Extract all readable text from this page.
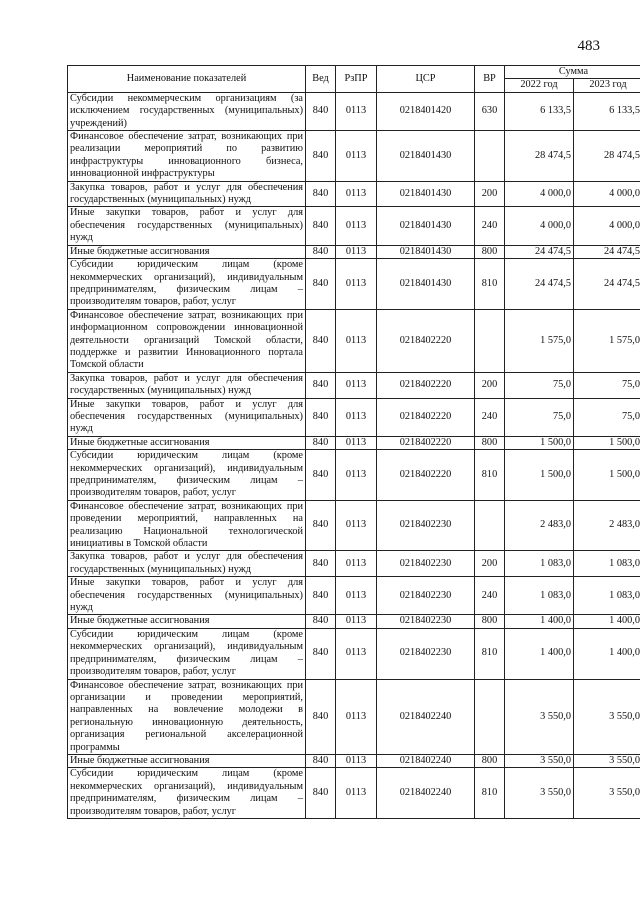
483
Наименование показателей	Вед	РзПР	ЦСР	ВР	Сумма	
					2022 год	2023 год
Субсидии некоммерческим организациям (за исключением государственных (муниципальных) учреждений)	840	0113	0218401420	630	6 133,5	6 133,5
Финансовое обеспечение затрат, возникающих при реализации мероприятий по развитию инфраструктуры инновационного бизнеса, инновационной инфраструктуры	840	0113	0218401430		28 474,5	28 474,5
Закупка товаров, работ и услуг для обеспечения государственных (муниципальных) нужд	840	0113	0218401430	200	4 000,0	4 000,0
Иные закупки товаров, работ и услуг для обеспечения государственных (муниципальных) нужд	840	0113	0218401430	240	4 000,0	4 000,0
Иные бюджетные ассигнования	840	0113	0218401430	800	24 474,5	24 474,5
Субсидии юридическим лицам (кроме некоммерческих организаций), индивидуальным предпринимателям, физическим лицам – производителям товаров, работ, услуг	840	0113	0218401430	810	24 474,5	24 474,5
Финансовое обеспечение затрат, возникающих при информационном сопровождении инновационной деятельности организаций Томской области, поддержке и развитии Инновационного портала Томской области	840	0113	0218402220		1 575,0	1 575,0
Закупка товаров, работ и услуг для обеспечения государственных (муниципальных) нужд	840	0113	0218402220	200	75,0	75,0
Иные закупки товаров, работ и услуг для обеспечения государственных (муниципальных) нужд	840	0113	0218402220	240	75,0	75,0
Иные бюджетные ассигнования	840	0113	0218402220	800	1 500,0	1 500,0
Субсидии юридическим лицам (кроме некоммерческих организаций), индивидуальным предпринимателям, физическим лицам – производителям товаров, работ, услуг	840	0113	0218402220	810	1 500,0	1 500,0
Финансовое обеспечение затрат, возникающих при проведении мероприятий, направленных на реализацию Национальной технологической инициативы в Томской области	840	0113	0218402230		2 483,0	2 483,0
Закупка товаров, работ и услуг для обеспечения государственных (муниципальных) нужд	840	0113	0218402230	200	1 083,0	1 083,0
Иные закупки товаров, работ и услуг для обеспечения государственных (муниципальных) нужд	840	0113	0218402230	240	1 083,0	1 083,0
Иные бюджетные ассигнования	840	0113	0218402230	800	1 400,0	1 400,0
Субсидии юридическим лицам (кроме некоммерческих организаций), индивидуальным предпринимателям, физическим лицам – производителям товаров, работ, услуг	840	0113	0218402230	810	1 400,0	1 400,0
Финансовое обеспечение затрат, возникающих при организации и проведении мероприятий, направленных на вовлечение молодежи в региональную инновационную деятельность, организация региональной акселерационной программы	840	0113	0218402240		3 550,0	3 550,0
Иные бюджетные ассигнования	840	0113	0218402240	800	3 550,0	3 550,0
Субсидии юридическим лицам (кроме некоммерческих организаций), индивидуальным предпринимателям, физическим лицам – производителям товаров, работ, услуг	840	0113	0218402240	810	3 550,0	3 550,0
